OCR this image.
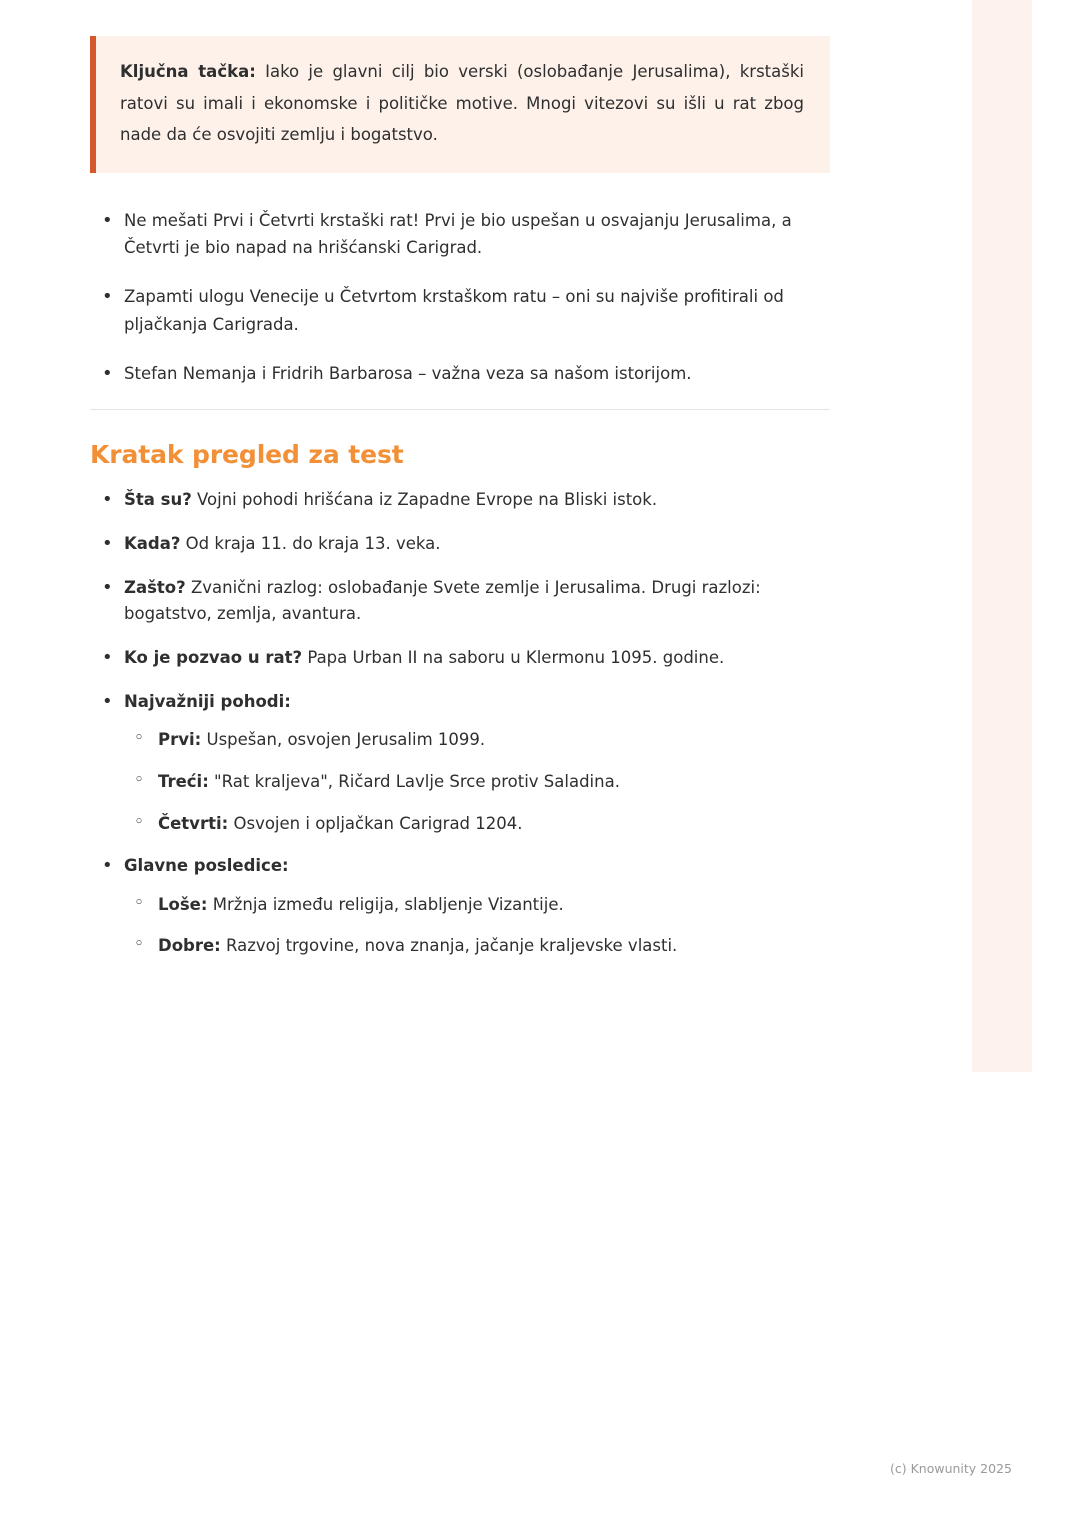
Ključna tačka: Iako je glavni cilj bio verski (oslobađanje Jerusalima), krstaški ratovi su imali i ekonomske i političke motive. Mnogi vitezovi su išli u rat zbog nade da će osvojiti zemlju i bogatstvo.

• Ne mešati Prvi i Četvrti krstaški rat! Prvi je bio uspešan u osvajanju Jerusalima, a Četvrti je bio napad na hrišćanski Carigrad.
• Zapamti ulogu Venecije u Četvrtom krstaškom ratu – oni su najviše profitirali od pljačkanja Carigrada.
• Stefan Nemanja i Fridrih Barbarosa – važna veza sa našom istorijom.
Kratak pregled za test
• Šta su? Vojni pohodi hrišćana iz Zapadne Evrope na Bliski istok.
• Kada? Od kraja 11. do kraja 13. veka.
• Zašto? Zvanični razlog: oslobađanje Svete zemlje i Jerusalima. Drugi razlozi: bogatstvo, zemlja, avantura.
• Ko je pozvao u rat? Papa Urban II na saboru u Klermonu 1095. godine.
• Najvažniji pohodi:
◦ Prvi: Uspešan, osvojen Jerusalim 1099.
◦ Treći: "Rat kraljeva", Ričard Lavlje Srce protiv Saladina.
◦ Četvrti: Osvojen i opljačkan Carigrad 1204.
• Glavne posledice:
◦ Loše: Mržnja između religija, slabljenje Vizantije.
◦ Dobre: Razvoj trgovine, nova znanja, jačanje kraljevske vlasti.
(c) Knowunity 2025
